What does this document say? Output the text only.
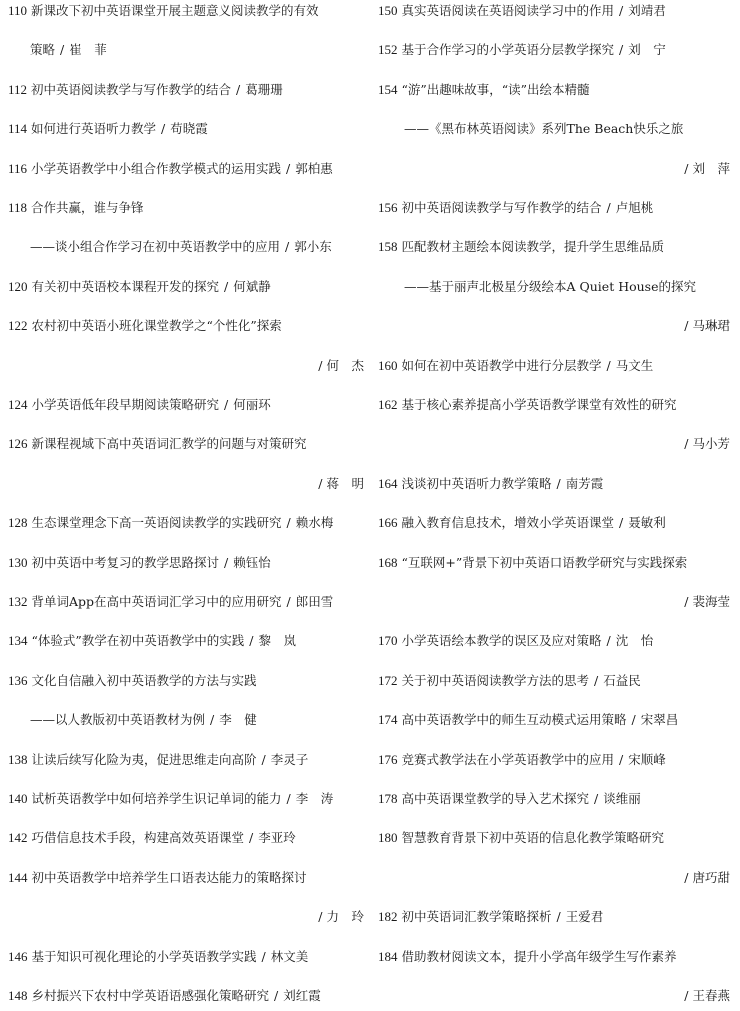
110 新课改下初中英语课堂开展主题意义阅读教学的有效
策略 / 崔　菲
112 初中英语阅读教学与写作教学的结合 / 葛珊珊
114 如何进行英语听力教学 / 苟晓霞
116 小学英语教学中小组合作教学模式的运用实践 / 郭柏惠
118 合作共赢，谁与争锋
——谈小组合作学习在初中英语教学中的应用 / 郭小东
120 有关初中英语校本课程开发的探究 / 何斌静
122 农村初中英语小班化课堂教学之“个性化”探索
/ 何　杰
124 小学英语低年段早期阅读策略研究 / 何丽环
126 新课程视域下高中英语词汇教学的问题与对策研究
/ 蒋　明
128 生态课堂理念下高一英语阅读教学的实践研究 / 赖水梅
130 初中英语中考复习的教学思路探讨 / 赖钰怡
132 背单词App在高中英语词汇学习中的应用研究 / 郎田雪
134 “体验式”教学在初中英语教学中的实践 / 黎　岚
136 文化自信融入初中英语教学的方法与实践
——以人教版初中英语教材为例 / 李　健
138 让读后续写化险为夷，促进思维走向高阶 / 李灵子
140 试析英语教学中如何培养学生识记单词的能力 / 李　涛
142 巧借信息技术手段，构建高效英语课堂 / 李亚玲
144 初中英语教学中培养学生口语表达能力的策略探讨
/ 力　玲
146 基于知识可视化理论的小学英语教学实践 / 林文美
148 乡村振兴下农村中学英语语感强化策略研究 / 刘红霞
150 真实英语阅读在英语阅读学习中的作用 / 刘靖君
152 基于合作学习的小学英语分层教学探究 / 刘　宁
154 “游”出趣味故事，“读”出绘本精髓
——《黑布林英语阅读》系列The Beach快乐之旅
/ 刘　萍
156 初中英语阅读教学与写作教学的结合 / 卢旭桃
158 匹配教材主题绘本阅读教学，提升学生思维品质
——基于丽声北极星分级绘本A Quiet House的探究
/ 马琳珺
160 如何在初中英语教学中进行分层教学 / 马文生
162 基于核心素养提高小学英语教学课堂有效性的研究
/ 马小芳
164 浅谈初中英语听力教学策略 / 南芳霞
166 融入教育信息技术，增效小学英语课堂 / 聂敏利
168 “互联网+”背景下初中英语口语教学研究与实践探索
/ 裴海莹
170 小学英语绘本教学的误区及应对策略 / 沈　怡
172 关于初中英语阅读教学方法的思考 / 石益民
174 高中英语教学中的师生互动模式运用策略 / 宋翠昌
176 竞赛式教学法在小学英语教学中的应用 / 宋顺峰
178 高中英语课堂教学的导入艺术探究 / 谈维丽
180 智慧教育背景下初中英语的信息化教学策略研究
/ 唐巧甜
182 初中英语词汇教学策略探析 / 王爱君
184 借助教材阅读文本，提升小学高年级学生写作素养
/ 王春燕
